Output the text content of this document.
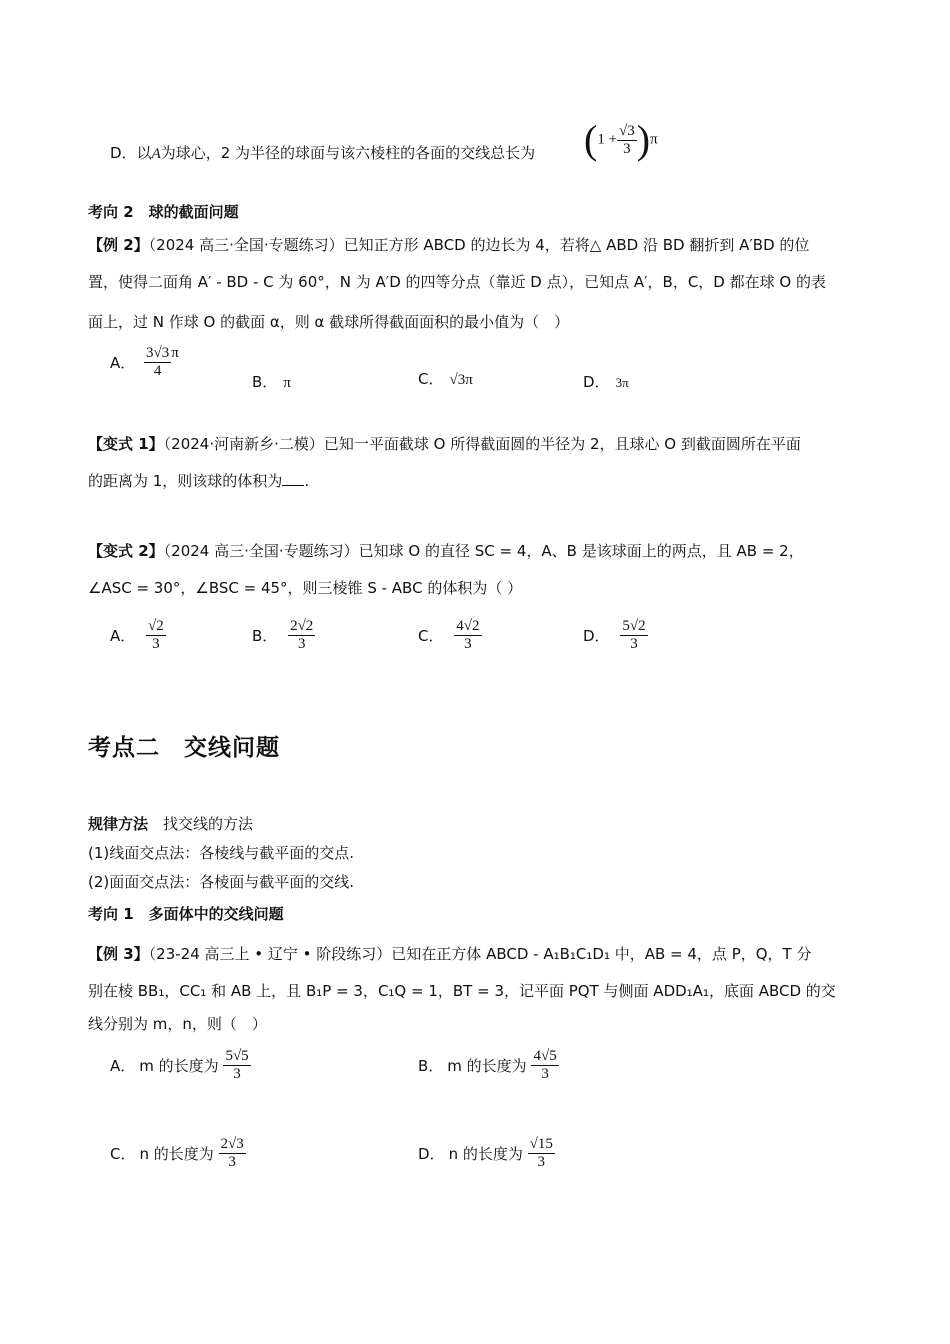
D．以A为球心，2 为半径的球面与该六棱柱的各面的交线总长为 $(1 + \frac{√3}{3} )\pi$
考向 2　球的截面问题
【例 2】（2024 高三·全国·专题练习）已知正方形 ABCD 的边长为 4，若将△ ABD 沿 BD 翻折到 A′BD 的位
置，使得二面角 A′ - BD - C 为 60°，N 为 A′D 的四等分点（靠近 D 点），已知点 A′，B，C，D 都在球 O 的表
面上，过 N 作球 O 的截面 α，则 α 截球所得截面面积的最小值为（　）
A． $\frac{3√3}{4}$ π
B． π	C． √3π	D． 3π
【变式 1】（2024·河南新乡·二模）已知一平面截球 O 所得截面圆的半径为 2，且球心 O 到截面圆所在平面
的距离为 1，则该球的体积为 .
【变式 2】（2024 高三·全国·专题练习）已知球 O 的直径 SC = 4，A、B 是该球面上的两点，且 AB = 2，
∠ASC = 30°，∠BSC = 45°，则三棱锥 S - ABC 的体积为（ ）
A． $\frac{√2}{3}$	B． $\frac{2√2}{3}$	C． $\frac{4√2}{3}$	D． $\frac{5√2}{3}$
考点二　交线问题
规律方法　找交线的方法
(1)线面交点法：各棱线与截平面的交点.
(2)面面交点法：各棱面与截平面的交线.
考向 1　多面体中的交线问题
【例 3】（23-24 高三上 • 辽宁 • 阶段练习）已知在正方体 ABCD - A₁B₁C₁D₁ 中，AB = 4，点 P，Q，T 分
别在棱 BB₁，CC₁ 和 AB 上，且 B₁P = 3，C₁Q = 1，BT = 3，记平面 PQT 与侧面 ADD₁A₁，底面 ABCD 的交
线分别为 m，n，则（　）
A． m 的长度为 $\frac{5√5}{3}$	B． m 的长度为 $\frac{4√5}{3}$
C． n 的长度为 $\frac{2√3}{3}$	D． n 的长度为 $\frac{√15}{3}$
